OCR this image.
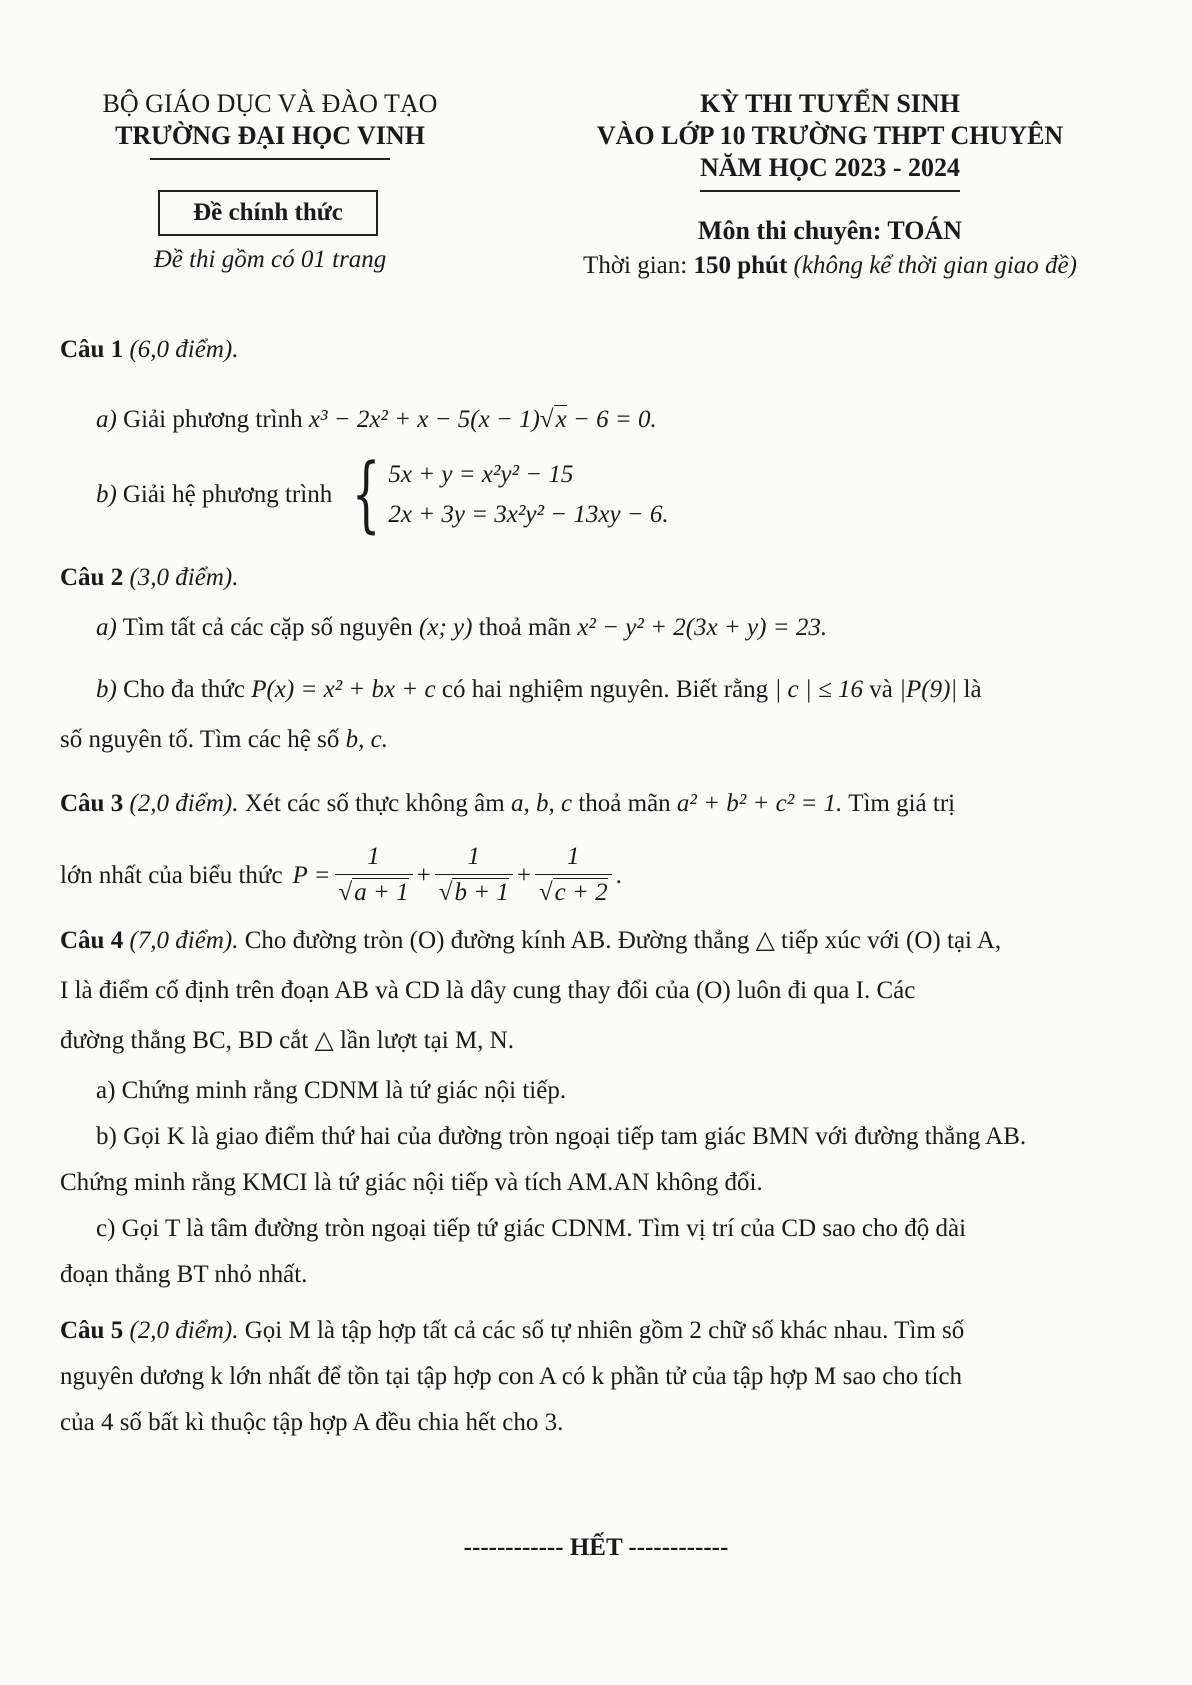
BỘ GIÁO DỤC VÀ ĐÀO TẠO
TRƯỜNG ĐẠI HỌC VINH
Đề chính thức
Đề thi gồm có 01 trang
KỲ THI TUYỂN SINH
VÀO LỚP 10 TRƯỜNG THPT CHUYÊN
NĂM HỌC 2023 - 2024
Môn thi chuyên: TOÁN
Thời gian: 150 phút (không kể thời gian giao đề)

Câu 1 (6,0 điểm).

a) Giải phương trình x³ − 2x² + x − 5(x − 1)√x − 6 = 0.

b) Giải hệ phương trình { 5x + y = x²y² − 15
2x + 3y = 3x²y² − 13xy − 6.

Câu 2 (3,0 điểm).

a) Tìm tất cả các cặp số nguyên (x; y) thoả mãn x² − y² + 2(3x + y) = 23.

b) Cho đa thức P(x) = x² + bx + c có hai nghiệm nguyên. Biết rằng | c | ≤ 16 và |P(9)| là

số nguyên tố. Tìm các hệ số b, c.

Câu 3 (2,0 điểm). Xét các số thực không âm a, b, c thoả mãn a² + b² + c² = 1. Tìm giá trị

lớn nhất của biểu thức $P = \frac{1}{√a + 1} + \frac{1}{√b + 1} + \frac{1}{√c + 2}$ .

Câu 4 (7,0 điểm). Cho đường tròn (O) đường kính AB. Đường thẳng △ tiếp xúc với (O) tại A,

I là điểm cố định trên đoạn AB và CD là dây cung thay đổi của (O) luôn đi qua I. Các

đường thẳng BC, BD cắt △ lần lượt tại M, N.

a) Chứng minh rằng CDNM là tứ giác nội tiếp.

b) Gọi K là giao điểm thứ hai của đường tròn ngoại tiếp tam giác BMN với đường thẳng AB.

Chứng minh rằng KMCI là tứ giác nội tiếp và tích AM.AN không đổi.

c) Gọi T là tâm đường tròn ngoại tiếp tứ giác CDNM. Tìm vị trí của CD sao cho độ dài

đoạn thẳng BT nhỏ nhất.

Câu 5 (2,0 điểm). Gọi M là tập hợp tất cả các số tự nhiên gồm 2 chữ số khác nhau. Tìm số

nguyên dương k lớn nhất để tồn tại tập hợp con A có k phần tử của tập hợp M sao cho tích

của 4 số bất kì thuộc tập hợp A đều chia hết cho 3.

------------ HẾT ------------
